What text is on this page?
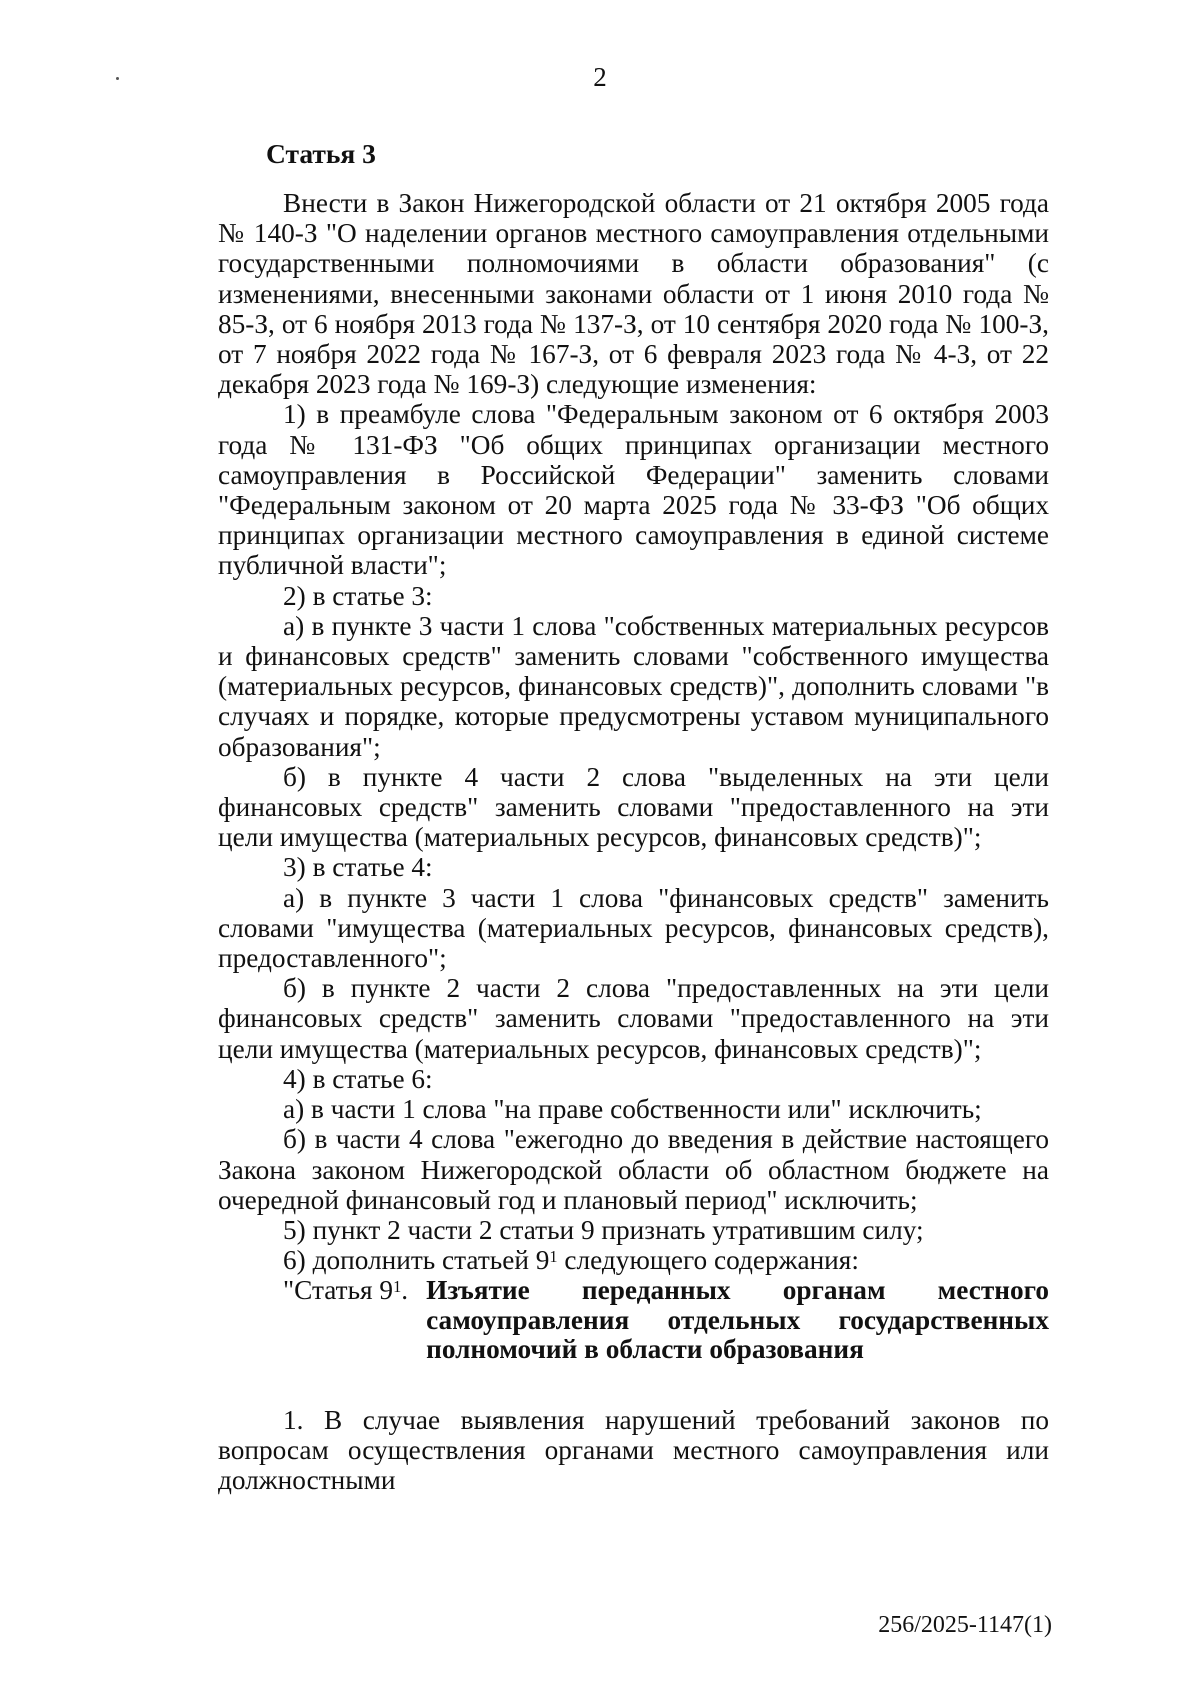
2
Статья 3

Внести в Закон Нижегородской области от 21 октября 2005 года № 140-З "О наделении органов местного самоуправления отдельными государственными полномочиями в области образования" (с изменениями, внесенными законами области от 1 июня 2010 года № 85-З, от 6 ноября 2013 года № 137-З, от 10 сентября 2020 года № 100-З, от 7 ноября 2022 года № 167-З, от 6 февраля 2023 года № 4-З, от 22 декабря 2023 года № 169-З) следующие изменения:

1) в преамбуле слова "Федеральным законом от 6 октября 2003 года № 131-ФЗ "Об общих принципах организации местного самоуправления в Российской Федерации" заменить словами "Федеральным законом от 20 марта 2025 года № 33-ФЗ "Об общих принципах организации местного самоуправления в единой системе публичной власти";

2) в статье 3:

а) в пункте 3 части 1 слова "собственных материальных ресурсов и финансовых средств" заменить словами "собственного имущества (материальных ресурсов, финансовых средств)", дополнить словами "в случаях и порядке, которые предусмотрены уставом муниципального образования";

б) в пункте 4 части 2 слова "выделенных на эти цели финансовых средств" заменить словами "предоставленного на эти цели имущества (материальных ресурсов, финансовых средств)";

3) в статье 4:

а) в пункте 3 части 1 слова "финансовых средств" заменить словами "имущества (материальных ресурсов, финансовых средств), предоставленного";

б) в пункте 2 части 2 слова "предоставленных на эти цели финансовых средств" заменить словами "предоставленного на эти цели имущества (материальных ресурсов, финансовых средств)";

4) в статье 6:

а) в части 1 слова "на праве собственности или" исключить;

б) в части 4 слова "ежегодно до введения в действие настоящего Закона законом Нижегородской области об областном бюджете на очередной финансовый год и плановый период" исключить;

5) пункт 2 части 2 статьи 9 признать утратившим силу;

6) дополнить статьей $9^1$ следующего содержания:

"Статья $9^1$. Изъятие переданных органам местного
самоуправления отдельных государственных
полномочий в области образования

1. В случае выявления нарушений требований законов по вопросам осуществления органами местного самоуправления или должностными

256/2025-1147(1)
